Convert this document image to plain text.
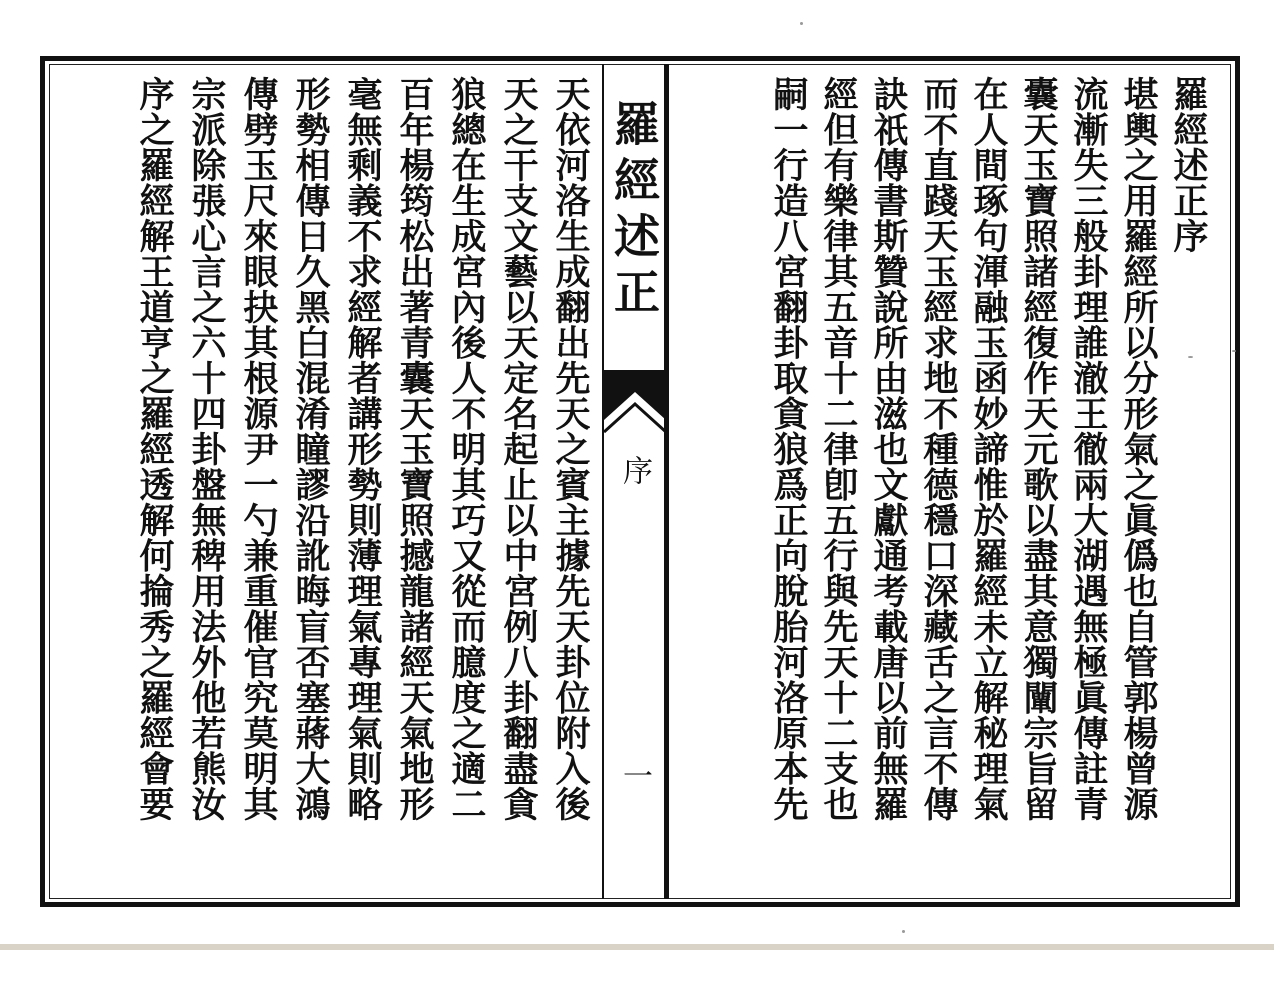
羅經述正序
堪輿之用羅經所以分形氣之眞僞也自管郭楊曾源
流漸失三般卦理誰澈王徹兩大湖遇無極眞傳註青
囊天玉寶照諸經復作天元歌以盡其意獨闡宗旨留
在人間琢句渾融玉函妙諦惟於羅經未立解秘理氣
而不直踐天玉經求地不種德穩口深藏舌之言不傳
訣祇傳書斯贊說所由滋也文獻通考載唐以前無羅
經但有樂律其五音十二律卽五行與先天十二支也
嗣一行造八宮翻卦取貪狼爲正向脫胎河洛原本先
羅經述正
序
一
天依河洛生成翻出先天之賓主據先天卦位附入後
天之干支文藝以天定名起止以中宮例八卦翻盡貪
狼總在生成宮內後人不明其巧又從而臆度之適二
百年楊筠松出著青囊天玉寶照撼龍諸經天氣地形
毫無剩義不求經解者講形勢則薄理氣專理氣則略
形勢相傳日久黑白混淆瞳謬沿訛晦盲否塞蔣大鴻
傳劈玉尺來眼抉其根源尹一勺兼重催官究莫明其
宗派除張心言之六十四卦盤無稗用法外他若熊汝
序之羅經解王道亨之羅經透解何掄秀之羅經會要
